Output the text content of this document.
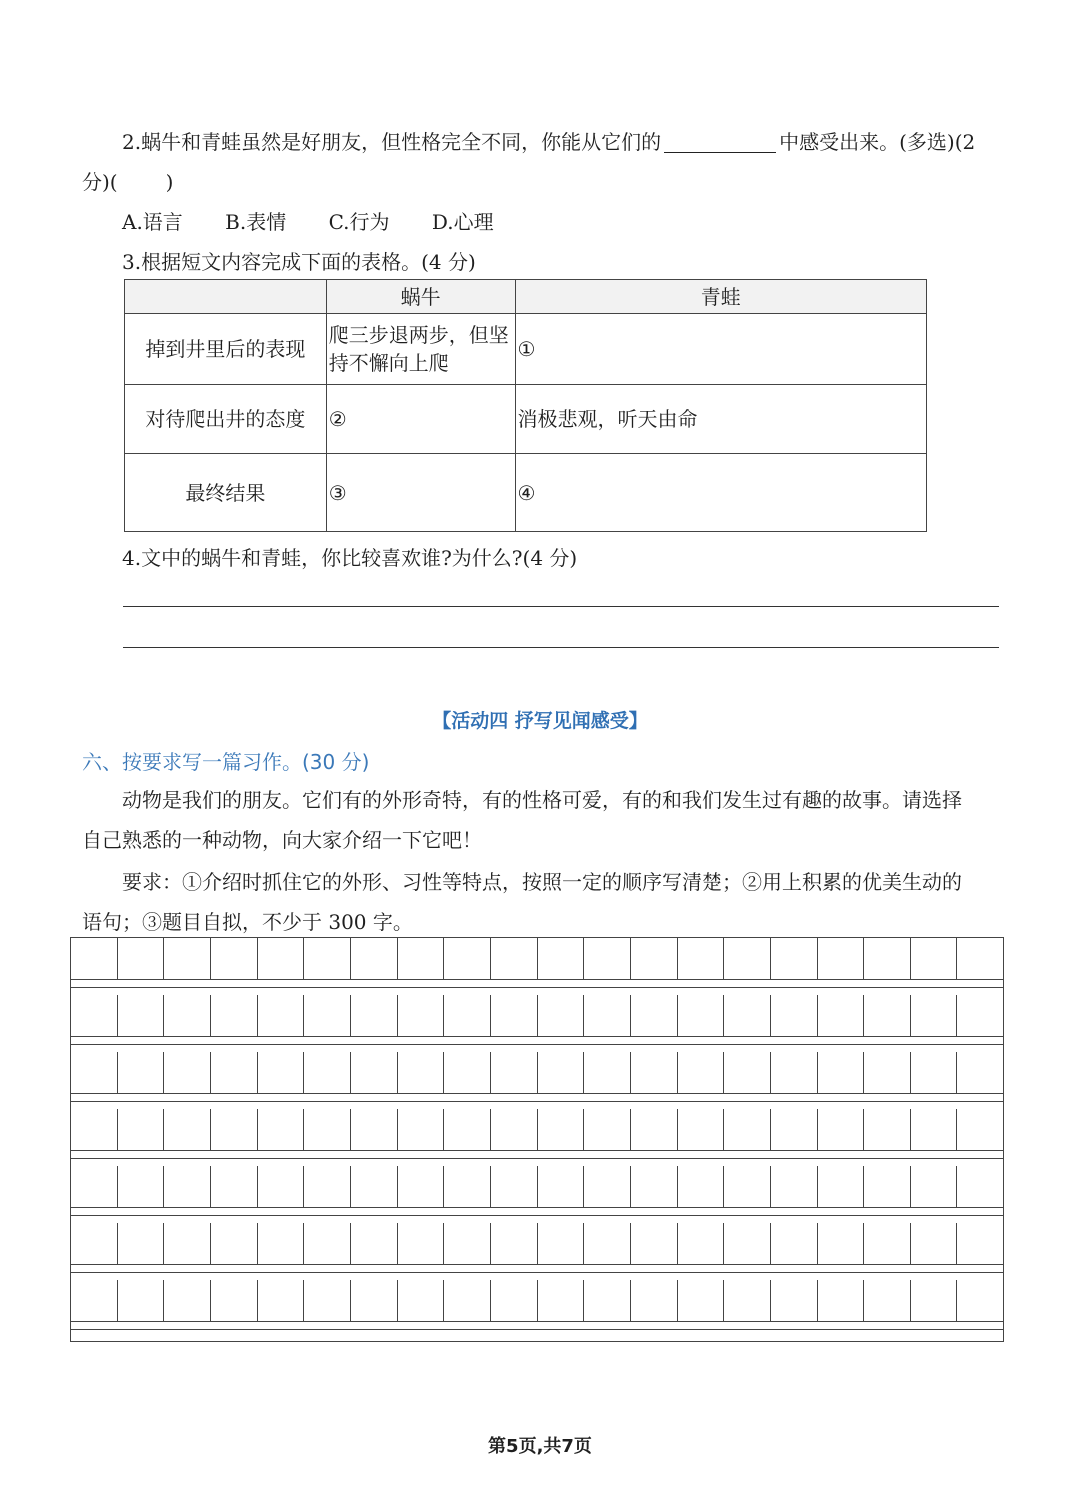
2.蜗牛和青蛙虽然是好朋友，但性格完全不同，你能从它们的	中感受出来。(多选)(2
分)( )
A.语言 B.表情 C.行为 D.心理
3.根据短文内容完成下面的表格。(4 分)
	蜗牛	青蛙
掉到井里后的表现	爬三步退两步，但坚持不懈向上爬	①
对待爬出井的态度	②	消极悲观，听天由命
最终结果	③	④
4.文中的蜗牛和青蛙，你比较喜欢谁?为什么?(4 分)
【活动四 抒写见闻感受】
六、按要求写一篇习作。(30 分)
动物是我们的朋友。它们有的外形奇特，有的性格可爱，有的和我们发生过有趣的故事。请选择
自己熟悉的一种动物，向大家介绍一下它吧！
要求：①介绍时抓住它的外形、习性等特点，按照一定的顺序写清楚；②用上积累的优美生动的
语句；③题目自拟，不少于 300 字。
第5页,共7页
